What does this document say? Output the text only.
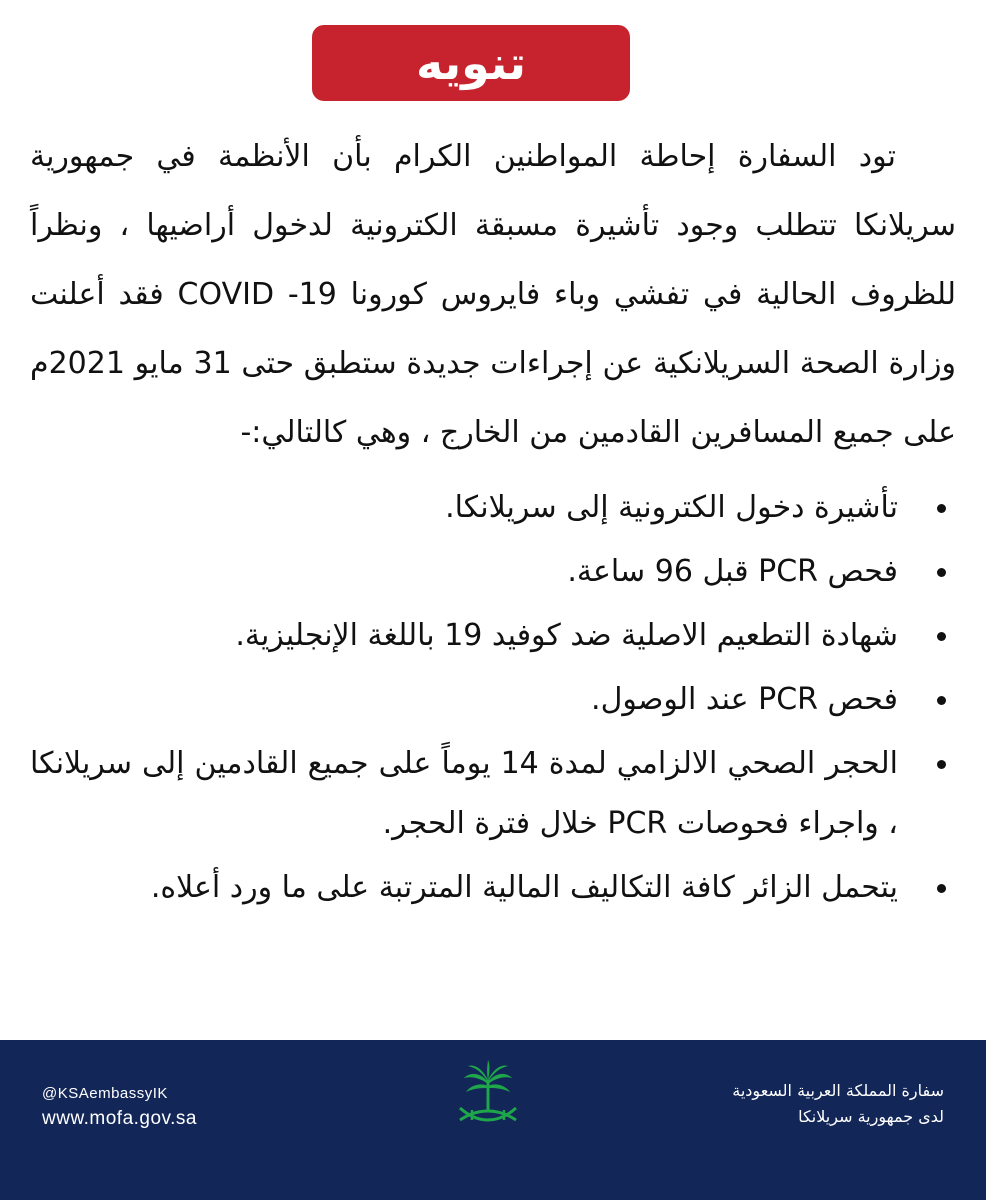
تنويه

تود السفارة إحاطة المواطنين الكرام بأن الأنظمة في جمهورية سريلانكا تتطلب وجود تأشيرة مسبقة الكترونية لدخول أراضيها ، ونظراً للظروف الحالية في تفشي وباء فايروس كورونا COVID -19 فقد أعلنت وزارة الصحة السريلانكية عن إجراءات جديدة ستطبق حتى 31 مايو 2021م على جميع المسافرين القادمين من الخارج ، وهي كالتالي:-

تأشيرة دخول الكترونية إلى سريلانكا.
فحص PCR قبل 96 ساعة.
شهادة التطعيم الاصلية ضد كوفيد 19 باللغة الإنجليزية.
فحص PCR عند الوصول.
الحجر الصحي الالزامي لمدة 14 يوماً على جميع القادمين إلى سريلانكا ، واجراء فحوصات PCR خلال فترة الحجر.
يتحمل الزائر كافة التكاليف المالية المترتبة على ما ورد أعلاه.
@KSAembassyIK
www.mofa.gov.sa
سفارة المملكة العربية السعودية
لدى جمهورية سريلانكا
